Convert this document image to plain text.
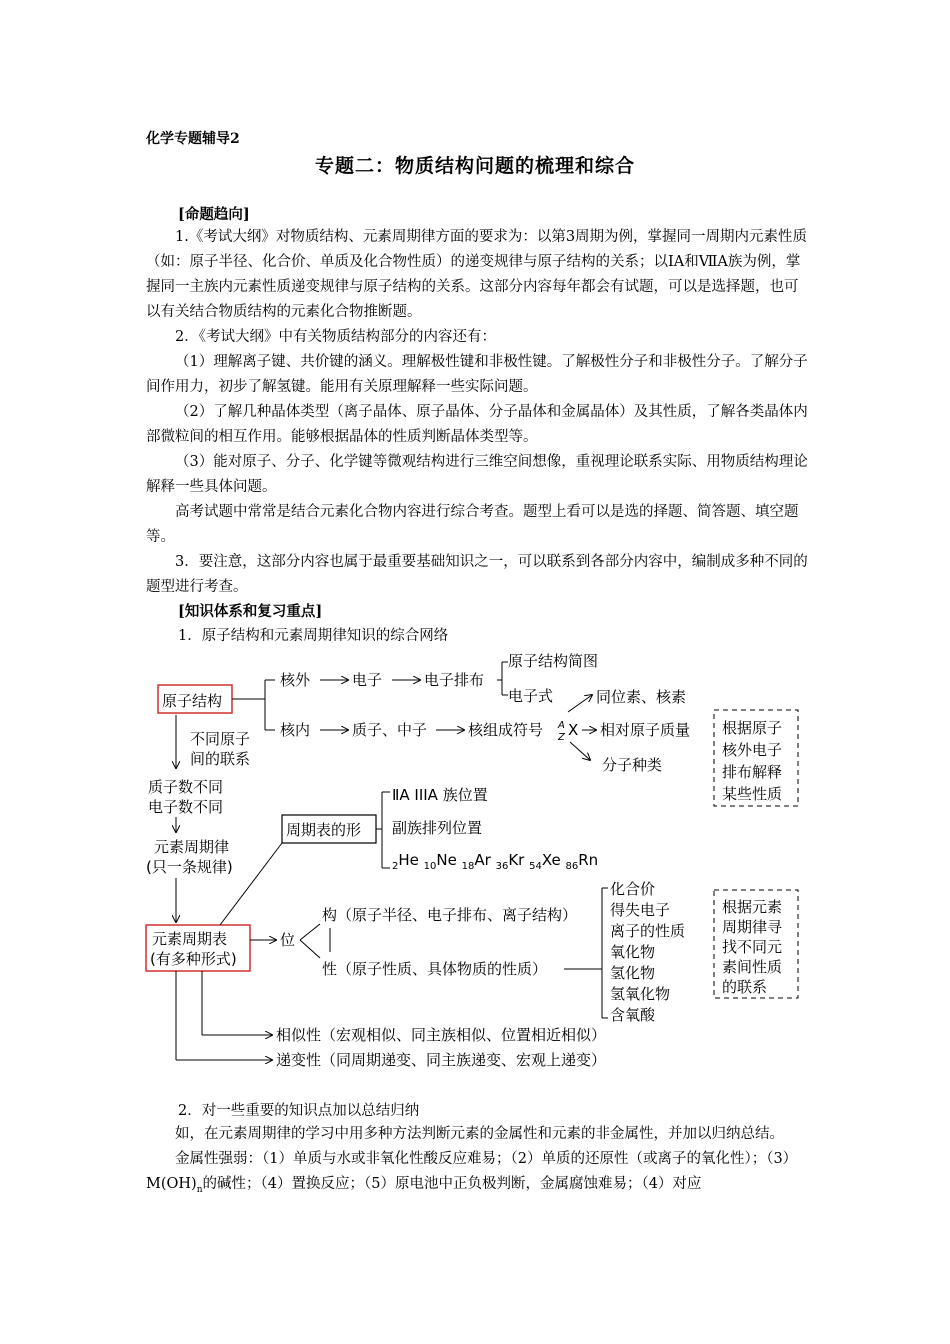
化学专题辅导2
专题二：物质结构问题的梳理和综合
[命题趋向]

1.《考试大纲》对物质结构、元素周期律方面的要求为：以第3周期为例，掌握同一周期内元素性质（如：原子半径、化合价、单质及化合物性质）的递变规律与原子结构的关系；以ⅠA和ⅦA族为例，掌握同一主族内元素性质递变规律与原子结构的关系。这部分内容每年都会有试题，可以是选择题，也可以有关结合物质结构的元素化合物推断题。

2．《考试大纲》中有关物质结构部分的内容还有：

（1）理解离子键、共价键的涵义。理解极性键和非极性键。了解极性分子和非极性分子。了解分子间作用力，初步了解氢键。能用有关原理解释一些实际问题。

（2）了解几种晶体类型（离子晶体、原子晶体、分子晶体和金属晶体）及其性质，了解各类晶体内部微粒间的相互作用。能够根据晶体的性质判断晶体类型等。

（3）能对原子、分子、化学键等微观结构进行三维空间想像，重视理论联系实际、用物质结构理论解释一些具体问题。

高考试题中常常是结合元素化合物内容进行综合考查。题型上看可以是选的择题、简答题、填空题等。

3．要注意，这部分内容也属于最重要基础知识之一，可以联系到各部分内容中，编制成多种不同的题型进行考查。

[知识体系和复习重点]
1．原子结构和元素周期律知识的综合网络
原子结构
核外	电子	电子排布
原子结构简图
电子式	同位素、核素
核内	质子、中子	核组成符号 A
Z X 相对原子质量
分子种类
根据原子
核外电子
排布解释
某些性质
不同原子
间的联系
质子数不同
电子数不同
元素周期律
(只一条规律)
周期表的形
ⅡA IIIA 族位置
副族排列位置
$_2$He $_{10}$Ne $_{18}$Ar $_{36}$Kr $_{54}$Xe $_{86}$Rn
元素周期表
(有多种形式)
位
构（原子半径、电子排布、离子结构）
性（原子性质、具体物质的性质）
化合价
得失电子
离子的性质
氧化物
氢化物
氢氧化物
含氧酸
根据元素
周期律寻
找不同元
素间性质
的联系
相似性（宏观相似、同主族相似、位置相近相似）
递变性（同周期递变、同主族递变、宏观上递变）
2．对一些重要的知识点加以总结归纳

如，在元素周期律的学习中用多种方法判断元素的金属性和元素的非金属性，并加以归纳总结。

金属性强弱：（1）单质与水或非氧化性酸反应难易；（2）单质的还原性（或离子的氧化性）；$(3)M(OH)_n$的碱性；（4）置换反应；（5）原电池中正负极判断，金属腐蚀难易；（4）对应
